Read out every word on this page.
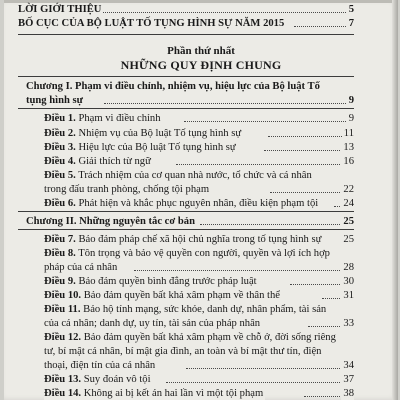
LỜI GIỚI THIỆU	5
BỐ CỤC CỦA BỘ LUẬT TỐ TỤNG HÌNH SỰ NĂM 2015	7
Phần thứ nhất
NHỮNG QUY ĐỊNH CHUNG
Chương I. Phạm vi điều chỉnh, nhiệm vụ, hiệu lực của Bộ luật Tố
tụng hình sự	9
Điều 1. Phạm vi điều chỉnh	9
Điều 2. Nhiệm vụ của Bộ luật Tố tụng hình sự	11
Điều 3. Hiệu lực của Bộ luật Tố tụng hình sự	13
Điều 4. Giải thích từ ngữ	16
Điều 5. Trách nhiệm của cơ quan nhà nước, tổ chức và cá nhân
trong đấu tranh phòng, chống tội phạm	22
Điều 6. Phát hiện và khắc phục nguyên nhân, điều kiện phạm tội 24
Chương II. Những nguyên tắc cơ bản	25
Điều 7. Bảo đảm pháp chế xã hội chủ nghĩa trong tố tụng hình sự 25
Điều 8. Tôn trọng và bảo vệ quyền con người, quyền và lợi ích hợp
pháp của cá nhân	28
Điều 9. Bảo đảm quyền bình đẳng trước pháp luật	30
Điều 10. Bảo đảm quyền bất khả xâm phạm về thân thể	31
Điều 11. Bảo hộ tính mạng, sức khỏe, danh dự, nhân phẩm, tài sản
của cá nhân; danh dự, uy tín, tài sản của pháp nhân	33
Điều 12. Bảo đảm quyền bất khả xâm phạm về chỗ ở, đời sống riêng
tư, bí mật cá nhân, bí mật gia đình, an toàn và bí mật thư tín, điện
thoại, điện tín của cá nhân	34
Điều 13. Suy đoán vô tội	37
Điều 14. Không ai bị kết án hai lần vì một tội phạm	38
